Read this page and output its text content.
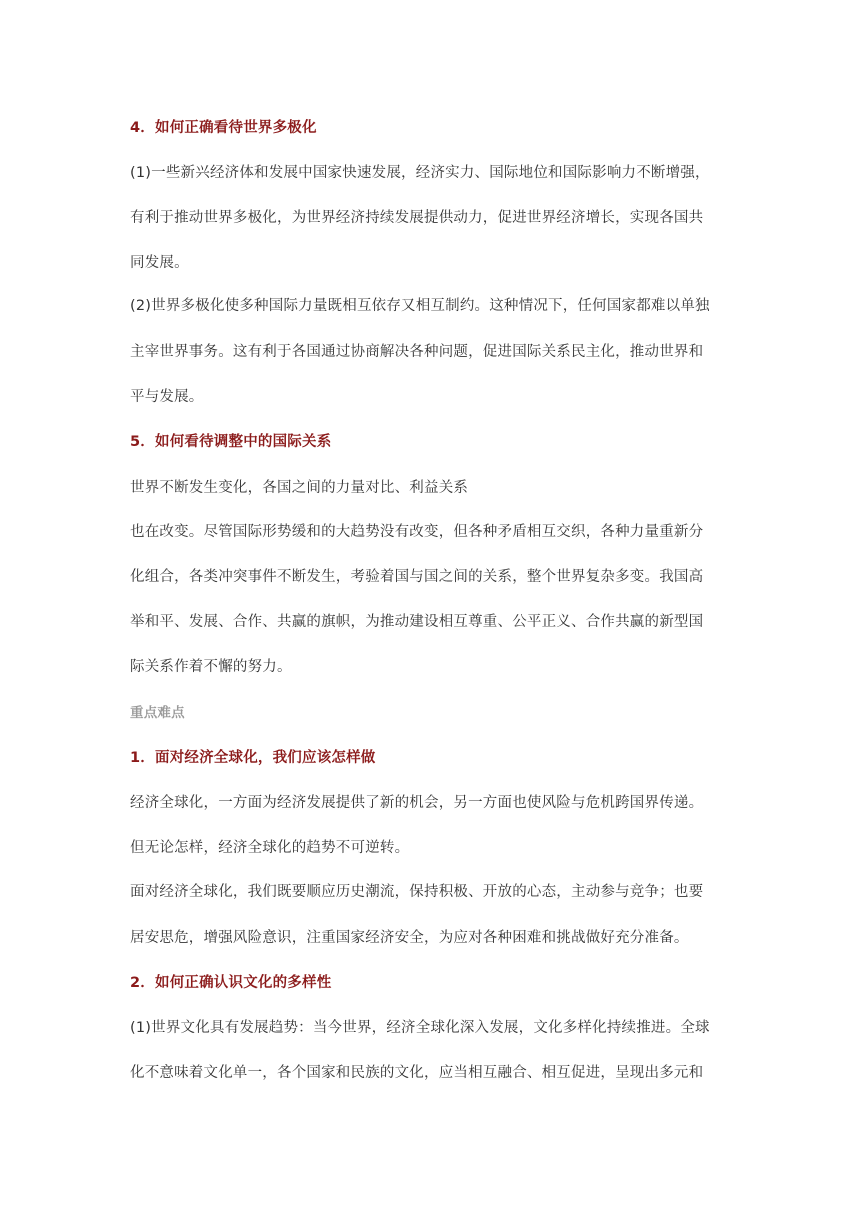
4．如何正确看待世界多极化
(1)一些新兴经济体和发展中国家快速发展，经济实力、国际地位和国际影响力不断增强，
有利于推动世界多极化，为世界经济持续发展提供动力，促进世界经济增长，实现各国共
同发展。
(2)世界多极化使多种国际力量既相互依存又相互制约。这种情况下，任何国家都难以单独
主宰世界事务。这有利于各国通过协商解决各种问题，促进国际关系民主化，推动世界和
平与发展。
5．如何看待调整中的国际关系
世界不断发生变化，各国之间的力量对比、利益关系
也在改变。尽管国际形势缓和的大趋势没有改变，但各种矛盾相互交织，各种力量重新分
化组合，各类冲突事件不断发生，考验着国与国之间的关系，整个世界复杂多变。我国高
举和平、发展、合作、共赢的旗帜，为推动建设相互尊重、公平正义、合作共赢的新型国
际关系作着不懈的努力。
重点难点
1．面对经济全球化，我们应该怎样做
经济全球化，一方面为经济发展提供了新的机会，另一方面也使风险与危机跨国界传递。
但无论怎样，经济全球化的趋势不可逆转。
面对经济全球化，我们既要顺应历史潮流，保持积极、开放的心态，主动参与竞争；也要
居安思危，增强风险意识，注重国家经济安全，为应对各种困难和挑战做好充分准备。
2．如何正确认识文化的多样性
(1)世界文化具有发展趋势：当今世界，经济全球化深入发展，文化多样化持续推进。全球
化不意味着文化单一，各个国家和民族的文化，应当相互融合、相互促进，呈现出多元和
